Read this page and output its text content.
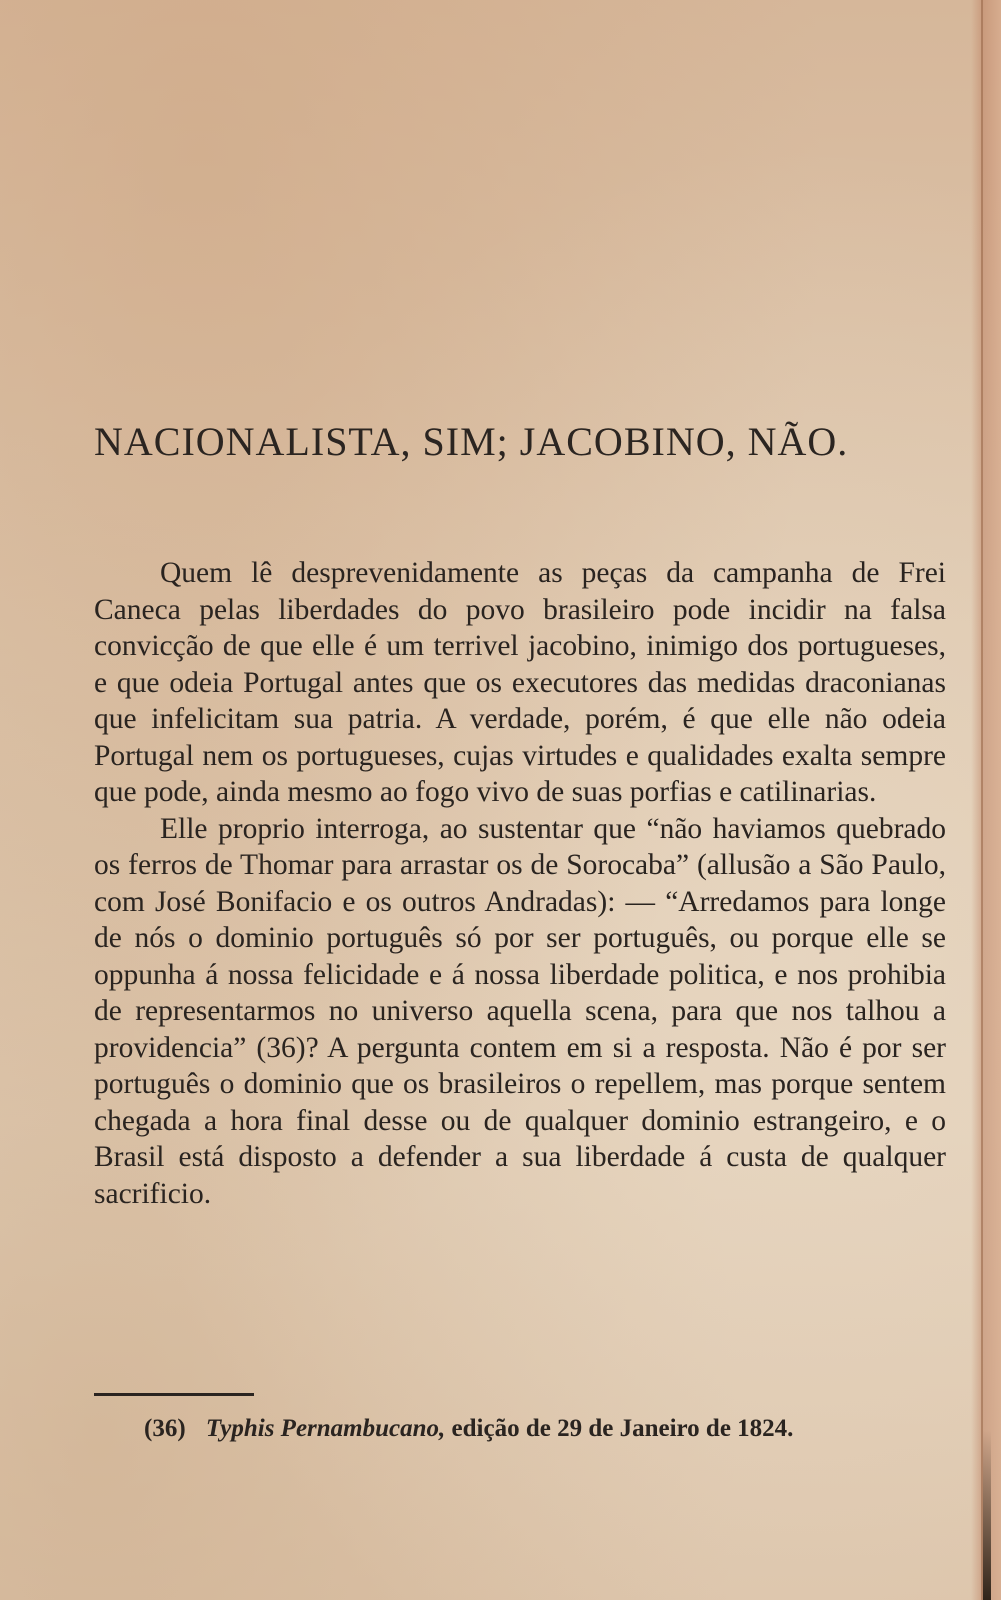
NACIONALISTA, SIM; JACOBINO, NÃO.

Quem lê desprevenidamente as peças da campanha de Frei Caneca pelas liberdades do povo brasileiro pode incidir na falsa convicção de que elle é um terrivel jacobino, inimigo dos portugueses, e que odeia Portugal antes que os executores das medidas draconianas que infelicitam sua patria. A verdade, porém, é que elle não odeia Portugal nem os portugueses, cujas virtudes e qualidades exalta sempre que pode, ainda mesmo ao fogo vivo de suas porfias e catilinarias.

Elle proprio interroga, ao sustentar que “não haviamos quebrado os ferros de Thomar para arrastar os de Sorocaba” (allusão a São Paulo, com José Bonifacio e os outros Andradas): — “Arredamos para longe de nós o dominio português só por ser português, ou porque elle se oppunha á nossa felicidade e á nossa liberdade politica, e nos prohibia de representarmos no universo aquella scena, para que nos talhou a providencia” (36)? A pergunta contem em si a resposta. Não é por ser português o dominio que os brasileiros o repellem, mas porque sentem chegada a hora final desse ou de qualquer dominio estrangeiro, e o Brasil está disposto a defender a sua liberdade á custa de qualquer sacrificio.

(36) Typhis Pernambucano, edição de 29 de Janeiro de 1824.
